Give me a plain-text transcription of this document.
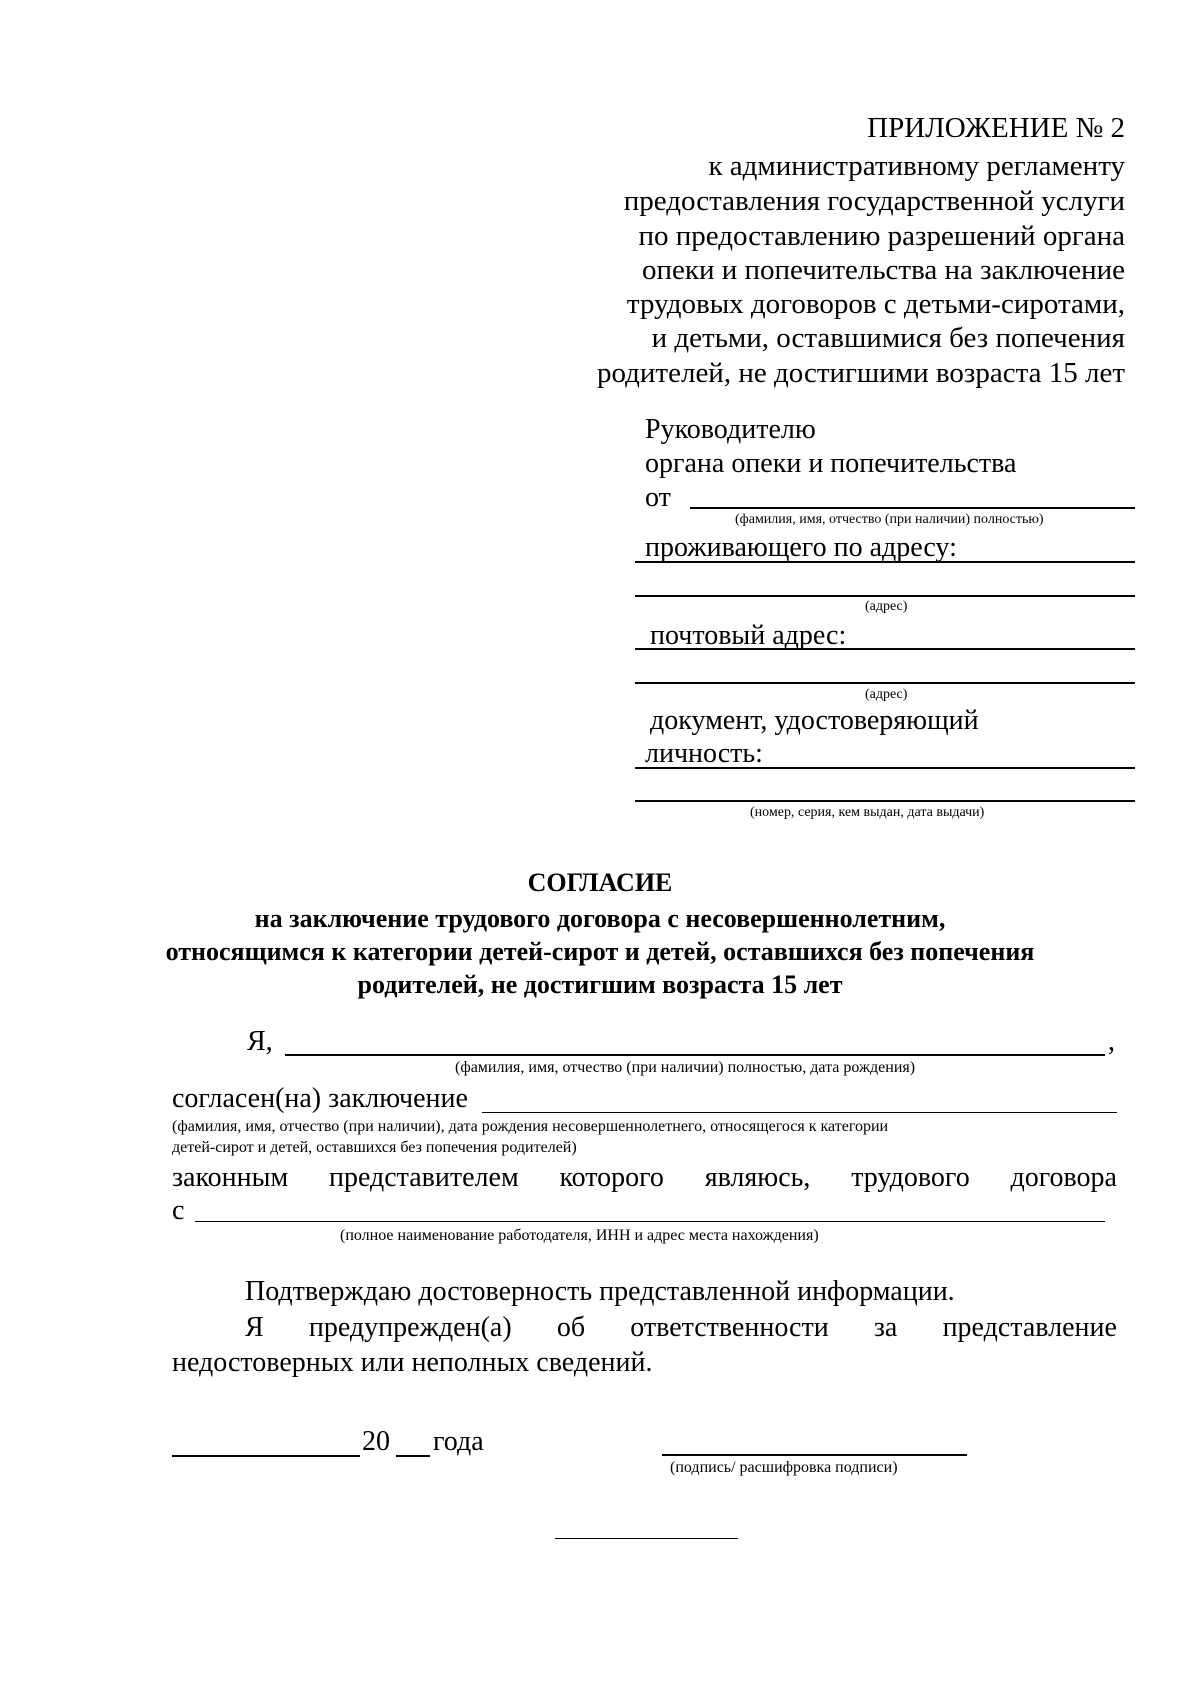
ПРИЛОЖЕНИЕ № 2
к административному регламенту
предоставления государственной услуги
по предоставлению разрешений органа
опеки и попечительства на заключение
трудовых договоров с детьми-сиротами,
и детьми, оставшимися без попечения
родителей, не достигшими возраста 15 лет
Руководителю
органа опеки и попечительства
от
(фамилия, имя, отчество (при наличии) полностью)
проживающего по адресу:
(адрес)
почтовый адрес:
(адрес)
документ, удостоверяющий
личность:
(номер, серия, кем выдан, дата выдачи)
СОГЛАСИЕ
на заключение трудового договора с несовершеннолетним,
относящимся к категории детей-сирот и детей, оставшихся без попечения
родителей, не достигшим возраста 15 лет
Я,	,
(фамилия, имя, отчество (при наличии) полностью, дата рождения)
согласен(на) заключение
(фамилия, имя, отчество (при наличии), дата рождения несовершеннолетнего, относящегося к категории
детей-сирот и детей, оставшихся без попечения родителей)
законным представителем которого являюсь, трудового договора
с
(полное наименование работодателя, ИНН и адрес места нахождения)
Подтверждаю достоверность представленной информации.
Я предупрежден(а) об ответственности за представление
недостоверных или неполных сведений.
20 года
(подпись/ расшифровка подписи)
